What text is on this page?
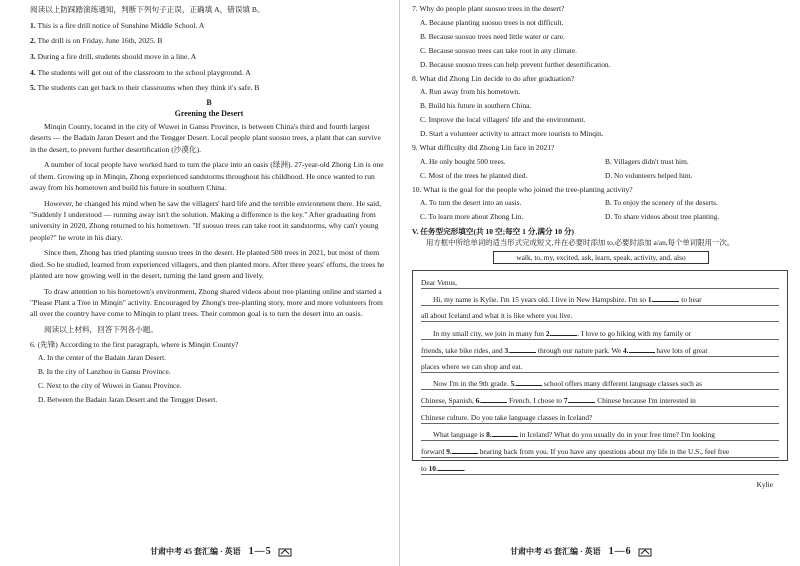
阅读以上防踩踏演练通知，判断下列句子正误，正确填 A，错误填 B。

1. This is a fire drill notice of Sunshine Middle School. A

2. The drill is on Friday, June 16th, 2025. B

3. During a fire drill, students should move in a line. A

4. The students will get out of the classroom to the school playground. A

5. The students can get back to their classrooms when they think it's safe. B

B
Greening the Desert

Minqin County, located in the city of Wuwei in Gansu Province, is between China's third and fourth largest deserts — the Badain Jaran Desert and the Tengger Desert. Local people plant suosuo trees, a plant that can survive in the desert, to prevent further desertification (沙漠化).

A number of local people have worked hard to turn the place into an oasis (绿洲). 27-year-old Zhong Lin is one of them. Growing up in Minqin, Zhong experienced sandstorms throughout his childhood. He once wanted to run away from his hometown and build his future in southern China.

However, he changed his mind when he saw the villagers' hard life and the terrible environment there. He said, "Suddenly I understood — running away isn't the solution. Making a difference is the key." After graduating from university in 2020, Zhong returned to his hometown. "If suosuo trees can take root in sandstorms, why can't young people?" he wrote in his diary.

Since then, Zhong has tried planting suosuo trees in the desert. He planted 500 trees in 2021, but most of them died. So he studied, learned from experienced villagers, and then planted more. After three years' efforts, the trees he planted are now growing well in the desert, turning the land green and lively.

To draw attention to his hometown's environment, Zhong shared videos about tree planting online and started a "Please Plant a Tree in Minqin" activity. Encouraged by Zhong's tree-planting story, more and more volunteers from all over the country have come to Minqin to plant trees. Their common goal is to turn the desert into an oasis.

阅读以上材料，回答下列各小题。

6. (先锋) According to the first paragraph, where is Minqin County?
A. In the center of the Badain Jaran Desert.
B. In the city of Lanzhou in Gansu Province.
C. Next to the city of Wuwei in Gansu Province.
D. Between the Badain Jaran Desert and the Tengger Desert.
甘肃中考 45 套汇编 · 英语 1—5
7. Why do people plant suosuo trees in the desert?
A. Because planting suosuo trees is not difficult.
B. Because suosuo trees need little water or care.
C. Because suosuo trees can take root in any climate.
D. Because suosuo trees can help prevent further desertification.
8. What did Zhong Lin decide to do after graduation?
A. Run away from his hometown.
B. Build his future in southern China.
C. Improve the local villagers' life and the environment.
D. Start a volunteer activity to attract more tourists to Minqin.
9. What difficulty did Zhong Lin face in 2021?
A. He only bought 500 trees.	B. Villagers didn't trust him.
C. Most of the trees he planted died.	D. No volunteers helped him.
10. What is the goal for the people who joined the tree-planting activity?
A. To turn the desert into an oasis.	B. To enjoy the scenery of the deserts.
C. To learn more about Zhong Lin.	D. To share videos about tree planting.
V. 任务型完形填空(共 10 空;每空 1 分,满分 10 分)
用方框中所给单词的适当形式完成短文,并在必要时添加 to,必要时添加 a/an,每个单词限用一次。
walk, to, my, excited, ask, learn, speak, activity, and, also
Dear Venus,
Hi, my name is Kylie. I'm 15 years old. I live in New Hampshire. I'm so 1.	to hear
all about Iceland and what it is like where you live.
In my small city, we join in many fun 2.	. I love to go hiking with my family or
friends, take bike rides, and 3.	through our nature park. We 4.	have lots of great
places where we can shop and eat.
Now I'm in the 9th grade. 5.	school offers many different language classes such as
Chinese, Spanish, 6.	French. I chose to 7.	Chinese because I'm interested in
Chinese culture. Do you take language classes in Iceland?
What language is 8.	in Iceland? What do you usually do in your free time? I'm looking
forward 9.	hearing back from you. If you have any questions about my life in the U.S., feel free
to 10.	.
Kylie
甘肃中考 45 套汇编 · 英语 1—6
